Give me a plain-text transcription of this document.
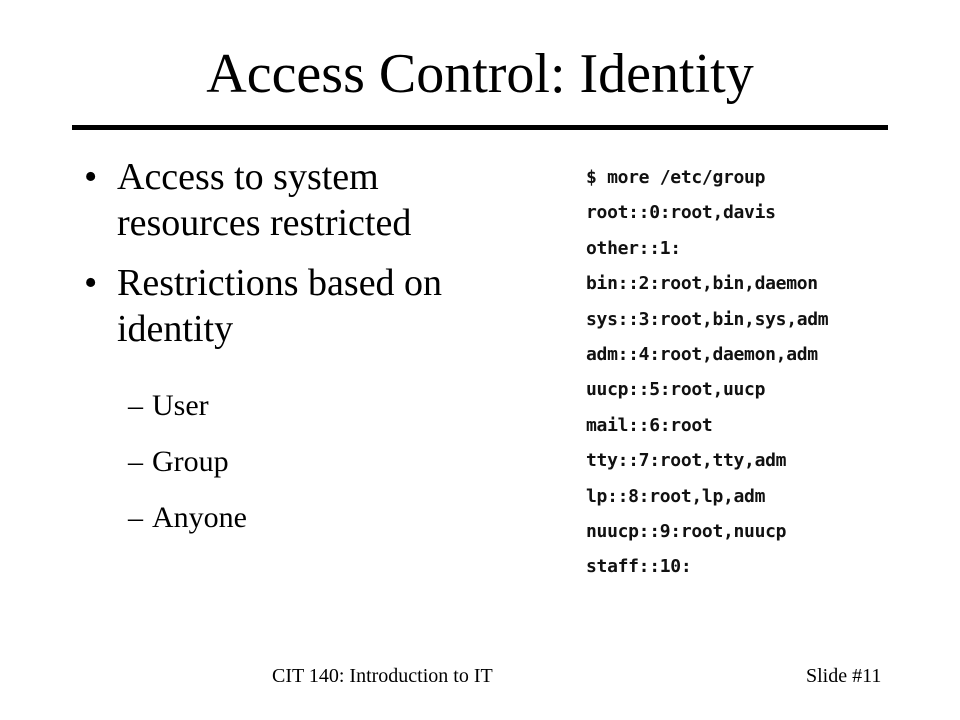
Access Control: Identity
• Access to system resources restricted
• Restrictions based on identity
– User
– Group
– Anyone
$ more /etc/group
root::0:root,davis
other::1:
bin::2:root,bin,daemon
sys::3:root,bin,sys,adm
adm::4:root,daemon,adm
uucp::5:root,uucp
mail::6:root
tty::7:root,tty,adm
lp::8:root,lp,adm
nuucp::9:root,nuucp
staff::10:
CIT 140: Introduction to IT	Slide #11
